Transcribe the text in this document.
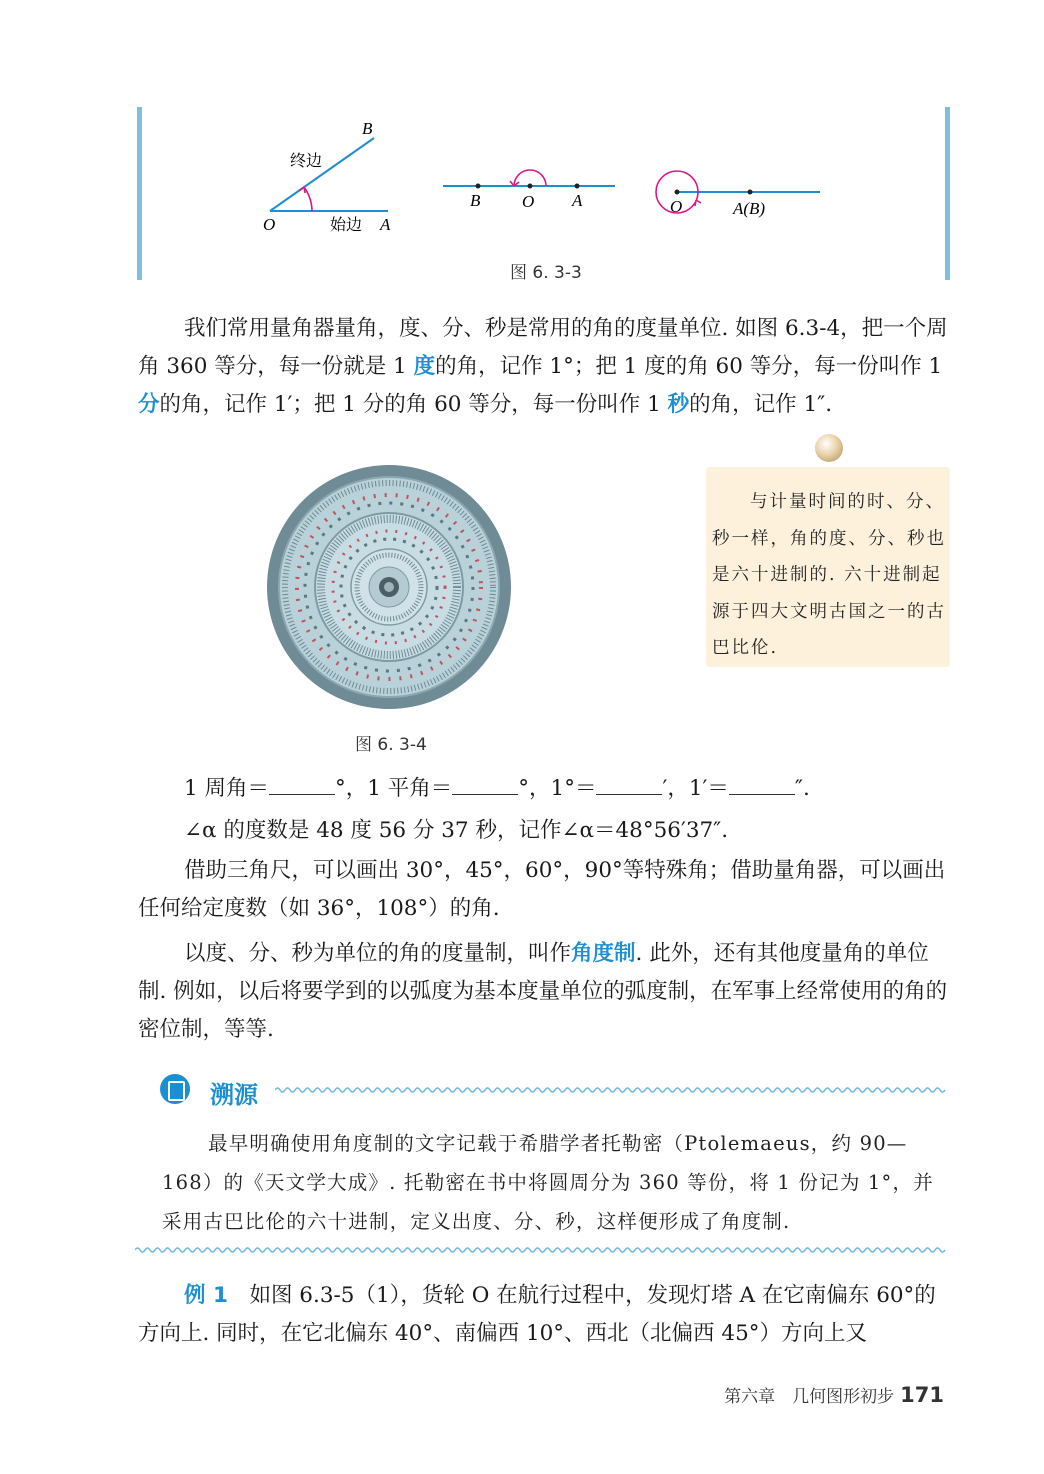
B
O	A
终边
始边
B O A	O	A(B)
图 6. 3-3

我们常用量角器量角，度、分、秒是常用的角的度量单位. 如图 6.3-4，把一个周角 360 等分，每一份就是 1 度的角，记作 1°；把 1 度的角 60 等分，每一份叫作 1 分的角，记作 1′；把 1 分的角 60 等分，每一份叫作 1 秒的角，记作 1″.

图 6. 3-4
与计量时间的时、分、秒一样，角的度、分、秒也是六十进制的. 六十进制起源于四大文明古国之一的古巴比伦.
1 周角＝	°，1 平角＝	°，1°＝	′，1′＝	″.
∠α 的度数是 48 度 56 分 37 秒，记作∠α＝48°56′37″.

借助三角尺，可以画出 30°，45°，60°，90°等特殊角；借助量角器，可以画出任何给定度数（如 36°，108°）的角.

以度、分、秒为单位的角的度量制，叫作角度制. 此外，还有其他度量角的单位制. 例如，以后将要学到的以弧度为基本度量单位的弧度制，在军事上经常使用的角的密位制，等等.

溯源
最早明确使用角度制的文字记载于希腊学者托勒密（Ptolemaeus，约 90—168）的《天文学大成》. 托勒密在书中将圆周分为 360 等份，将 1 份记为 1°，并采用古巴比伦的六十进制，定义出度、分、秒，这样便形成了角度制.

例 1　 如图 6.3-5（1），货轮 O 在航行过程中，发现灯塔 A 在它南偏东 60°的方向上. 同时，在它北偏东 40°、南偏西 10°、西北（北偏西 45°）方向上又

第六章　几何图形初步 171
